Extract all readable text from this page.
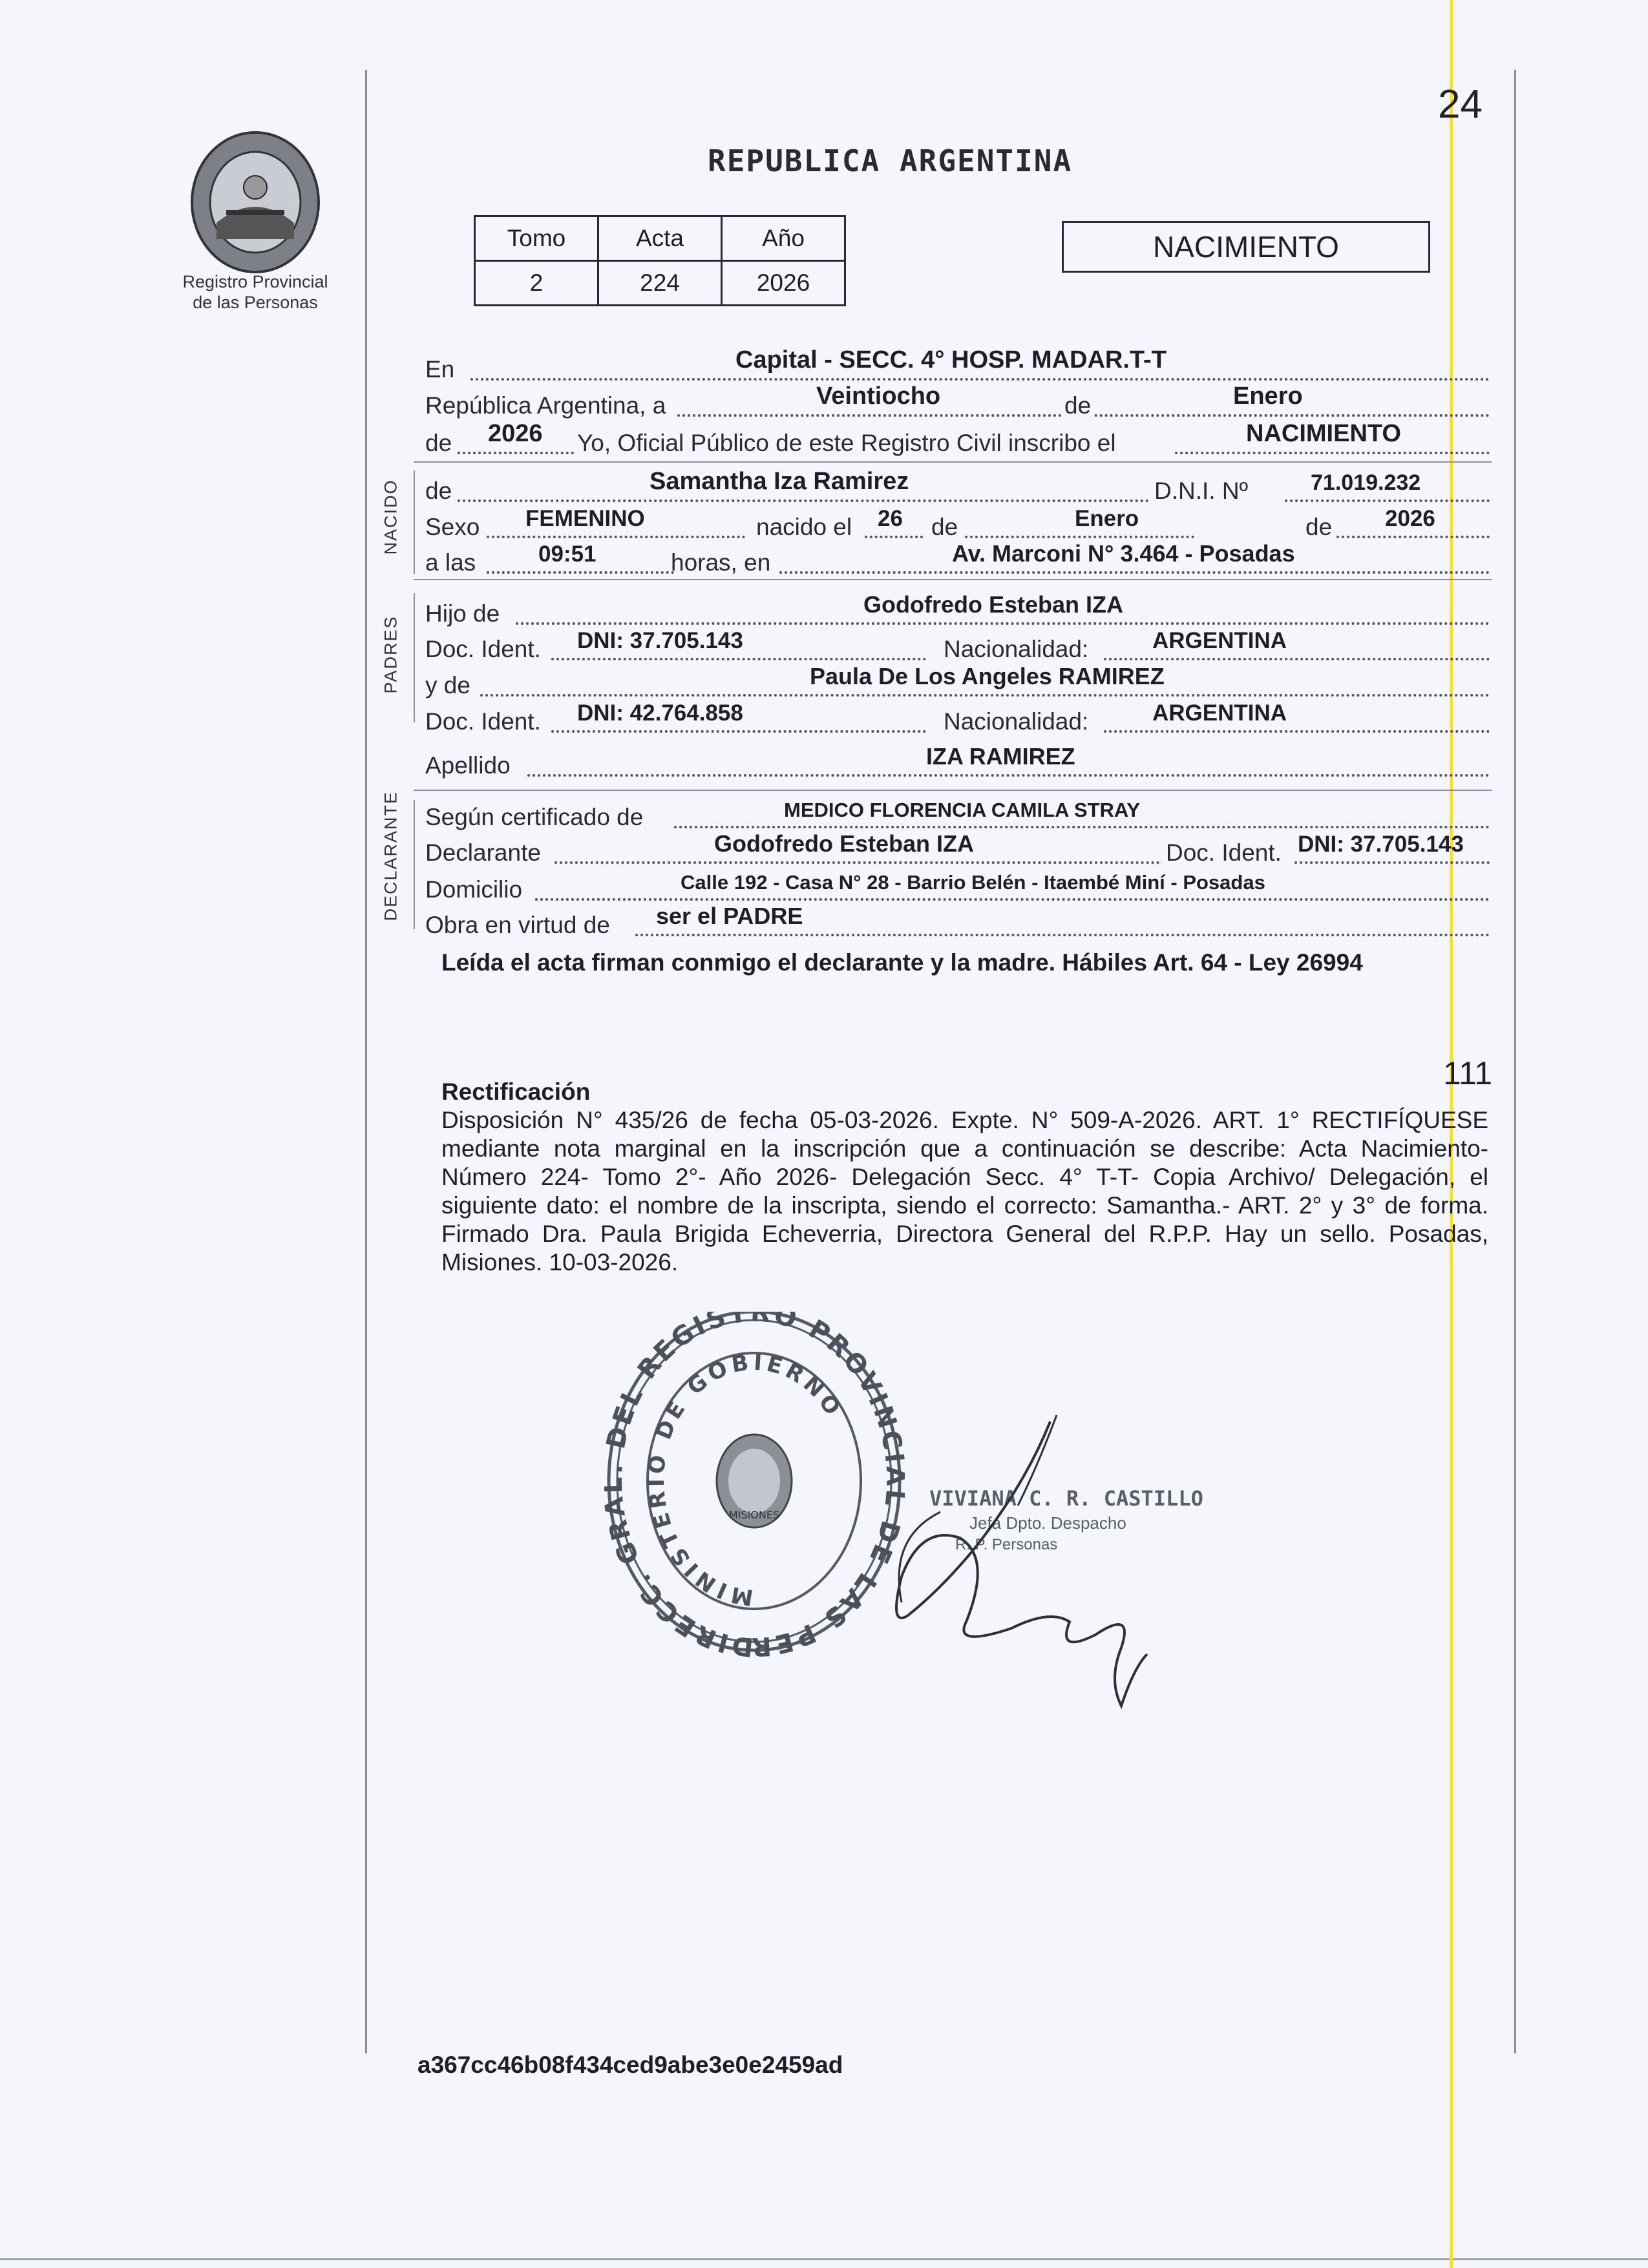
24
Registro Provincial
de las Personas
REPUBLICA ARGENTINA
Tomo	Acta	Año
2	224	2026
NACIMIENTO
NACIDO
PADRES
DECLARANTE
En	Capital - SECC. 4° HOSP. MADAR.T-T
República Argentina, a	Veintiocho	de	Enero
de 2026 Yo, Oficial Público de este Registro Civil inscribo el	NACIMIENTO
de	Samantha Iza Ramirez	D.N.I. Nº	71.019.232
Sexo FEMENINO	nacido el 26 de	Enero	de 2026
a las	09:51	horas, en	Av. Marconi N° 3.464 - Posadas
Hijo de	Godofredo Esteban IZA
Doc. Ident. DNI: 37.705.143	Nacionalidad:	ARGENTINA
y de	Paula De Los Angeles RAMIREZ
Doc. Ident. DNI: 42.764.858	Nacionalidad:	ARGENTINA
Apellido	IZA RAMIREZ
Según certificado de	MEDICO FLORENCIA CAMILA STRAY
Declarante	Godofredo Esteban IZA	Doc. Ident. DNI: 37.705.143
Domicilio	Calle 192 - Casa N° 28 - Barrio Belén - Itaembé Miní - Posadas
Obra en virtud de ser el PADRE
Leída el acta firman conmigo el declarante y la madre. Hábiles Art. 64 - Ley 26994
111
Rectificación
Disposición N° 435/26 de fecha 05-03-2026. Expte. N° 509-A-2026. ART. 1° RECTIFÍQUESE mediante nota marginal en la inscripción que a continuación se describe: Acta Nacimiento- Número 224- Tomo 2°- Año 2026- Delegación Secc. 4° T-T- Copia Archivo/ Delegación, el siguiente dato: el nombre de la inscripta, siendo el correcto: Samantha.- ART. 2° y 3° de forma. Firmado Dra. Paula Brigida Echeverria, Directora General del R.P.P. Hay un sello. Posadas, Misiones. 10-03-2026.
DIRECC. GR DEL REGISTRO PROVINC DE LAS PER
MINISTERIO DE GOBIERNO
MISIONES
VIVIANA C. R. CASTILLO
Jefa Dpto. Despacho
R. P. Personas
a367cc46b08f434ced9abe3e0e2459ad
